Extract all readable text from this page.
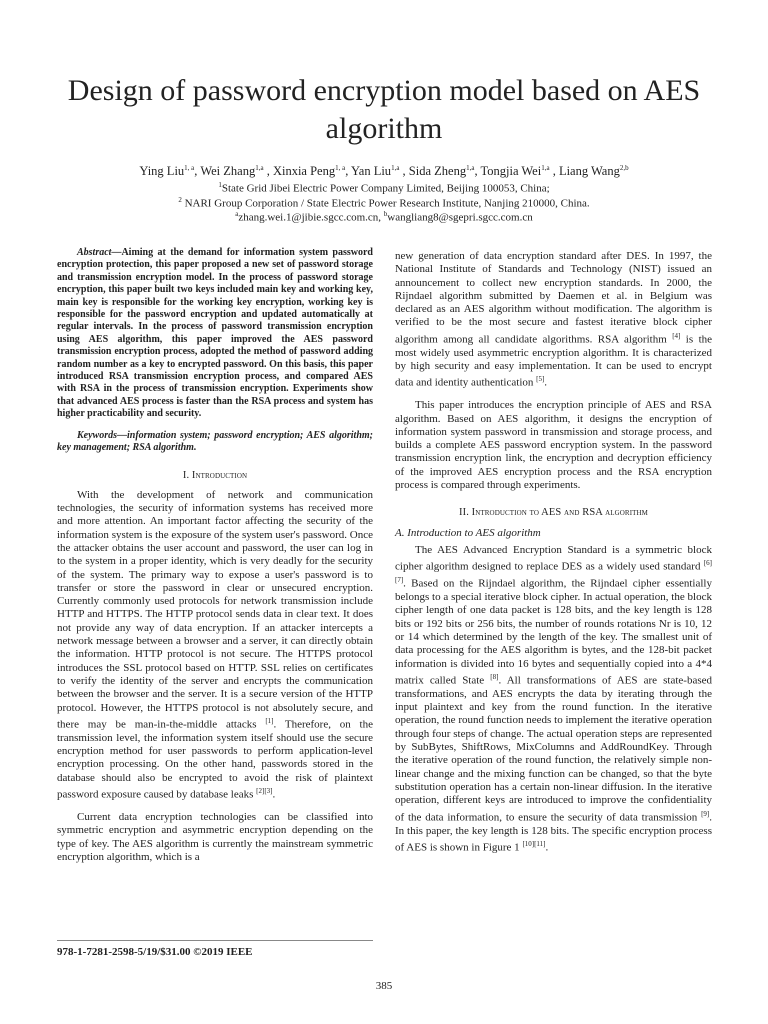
Design of password encryption model based on AES algorithm
Ying Liu$^{1, a}$, Wei Zhang$^{1,a}$ , Xinxia Peng$^{1, a}$, Yan Liu$^{1,a}$ , Sida Zheng$^{1,a}$, Tongjia Wei$^{1,a}$ , Liang Wang$^{2,b}$
$^1$State Grid Jibei Electric Power Company Limited, Beijing 100053, China;
$^2$ NARI Group Corporation / State Electric Power Research Institute, Nanjing 210000, China.
$^a$zhang.wei.1@jibie.sgcc.com.cn, $^b$wangliang8@sgepri.sgcc.com.cn

Abstract—Aiming at the demand for information system password encryption protection, this paper proposed a new set of password storage and transmission encryption model. In the process of password storage encryption, this paper built two keys included main key and working key, main key is responsible for the working key encryption, working key is responsible for the password encryption and updated automatically at regular intervals. In the process of password transmission encryption using AES algorithm, this paper improved the AES password transmission encryption process, adopted the method of password adding random number as a key to encrypted password. On this basis, this paper introduced RSA transmission encryption process, and compared AES with RSA in the process of transmission encryption. Experiments show that advanced AES process is faster than the RSA process and system has higher practicability and security.

Keywords—information system; password encryption; AES algorithm; key management; RSA algorithm.

I. Introduction

With the development of network and communication technologies, the security of information systems has received more and more attention. An important factor affecting the security of the information system is the exposure of the system user's password. Once the attacker obtains the user account and password, the user can log in to the system in a proper identity, which is very deadly for the security of the system. The primary way to expose a user's password is to transfer or store the password in clear or unsecured encryption. Currently commonly used protocols for network transmission include HTTP and HTTPS. The HTTP protocol sends data in clear text. It does not provide any way of data encryption. If an attacker intercepts a network message between a browser and a server, it can directly obtain the information. HTTP protocol is not secure. The HTTPS protocol introduces the SSL protocol based on HTTP. SSL relies on certificates to verify the identity of the server and encrypts the communication between the browser and the server. It is a secure version of the HTTP protocol. However, the HTTPS protocol is not absolutely secure, and there may be man-in-the-middle attacks [1]. Therefore, on the transmission level, the information system itself should use the secure encryption method for user passwords to perform application-level encryption processing. On the other hand, passwords stored in the database should also be encrypted to avoid the risk of plaintext password exposure caused by database leaks [2][3].

Current data encryption technologies can be classified into symmetric encryption and asymmetric encryption depending on the type of key. The AES algorithm is currently the mainstream symmetric encryption algorithm, which is a

new generation of data encryption standard after DES. In 1997, the National Institute of Standards and Technology (NIST) issued an announcement to collect new encryption standards. In 2000, the Rijndael algorithm submitted by Daemen et al. in Belgium was declared as an AES algorithm without modification. The algorithm is verified to be the most secure and fastest iterative block cipher algorithm among all candidate algorithms. RSA algorithm [4] is the most widely used asymmetric encryption algorithm. It is characterized by high security and easy implementation. It can be used to encrypt data and identity authentication [5].

This paper introduces the encryption principle of AES and RSA algorithm. Based on AES algorithm, it designs the encryption of information system password in transmission and storage process, and builds a complete AES password encryption system. In the password transmission encryption link, the encryption and decryption efficiency of the improved AES encryption process and the RSA encryption process is compared through experiments.

II. Introduction to AES and RSA algorithm
A. Introduction to AES algorithm

The AES Advanced Encryption Standard is a symmetric block cipher algorithm designed to replace DES as a widely used standard [6][7]. Based on the Rijndael algorithm, the Rijndael cipher essentially belongs to a special iterative block cipher. In actual operation, the block cipher length of one data packet is 128 bits, and the key length is 128 bits or 192 bits or 256 bits, the number of rounds rotations Nr is 10, 12 or 14 which determined by the length of the key. The smallest unit of data processing for the AES algorithm is bytes, and the 128-bit packet information is divided into 16 bytes and sequentially copied into a 4*4 matrix called State [8]. All transformations of AES are state-based transformations, and AES encrypts the data by iterating through the input plaintext and key from the round function. In the iterative operation, the round function needs to implement the iterative operation through four steps of change. The actual operation steps are represented by SubBytes, ShiftRows, MixColumns and AddRoundKey. Through the iterative operation of the round function, the relatively simple non-linear change and the mixing function can be changed, so that the byte substitution operation has a certain non-linear diffusion. In the iterative operation, different keys are introduced to improve the confidentiality of the data information, to ensure the security of data transmission [9]. In this paper, the key length is 128 bits. The specific encryption process of AES is shown in Figure 1 [10][11].

978-1-7281-2598-5/19/$31.00 ©2019 IEEE
385
